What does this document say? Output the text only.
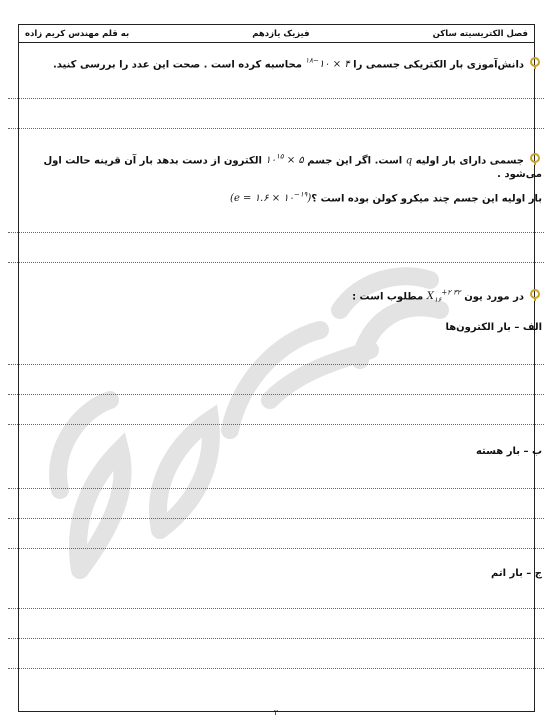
فصل الکتریسیته ساکن
فیزیک یازدهم
به قلم مهندس کریم زاده
دانش‌آموزی بار الکتریکی جسمی را ۴ × $۱۰^{-۱۸}$ محاسبه کرده است . صحت این عدد را بررسی کنید.
جسمی دارای بار اولیه q است. اگر این جسم ۵ × $۱۰^{۱۵}$ الکترون از دست بدهد بار آن قرینه حالت اول می‌شود .
بار اولیه این جسم چند میکرو کولن بوده است ؟(e = ۱.۶ × $۱۰^{-۱۹}$)
در مورد یون $^{۳۲ ۲+}X_{۱۶}$ مطلوب است :
الف – بار الکترون‌ها
ب – بار هسته
ج – بار اتم
۲
